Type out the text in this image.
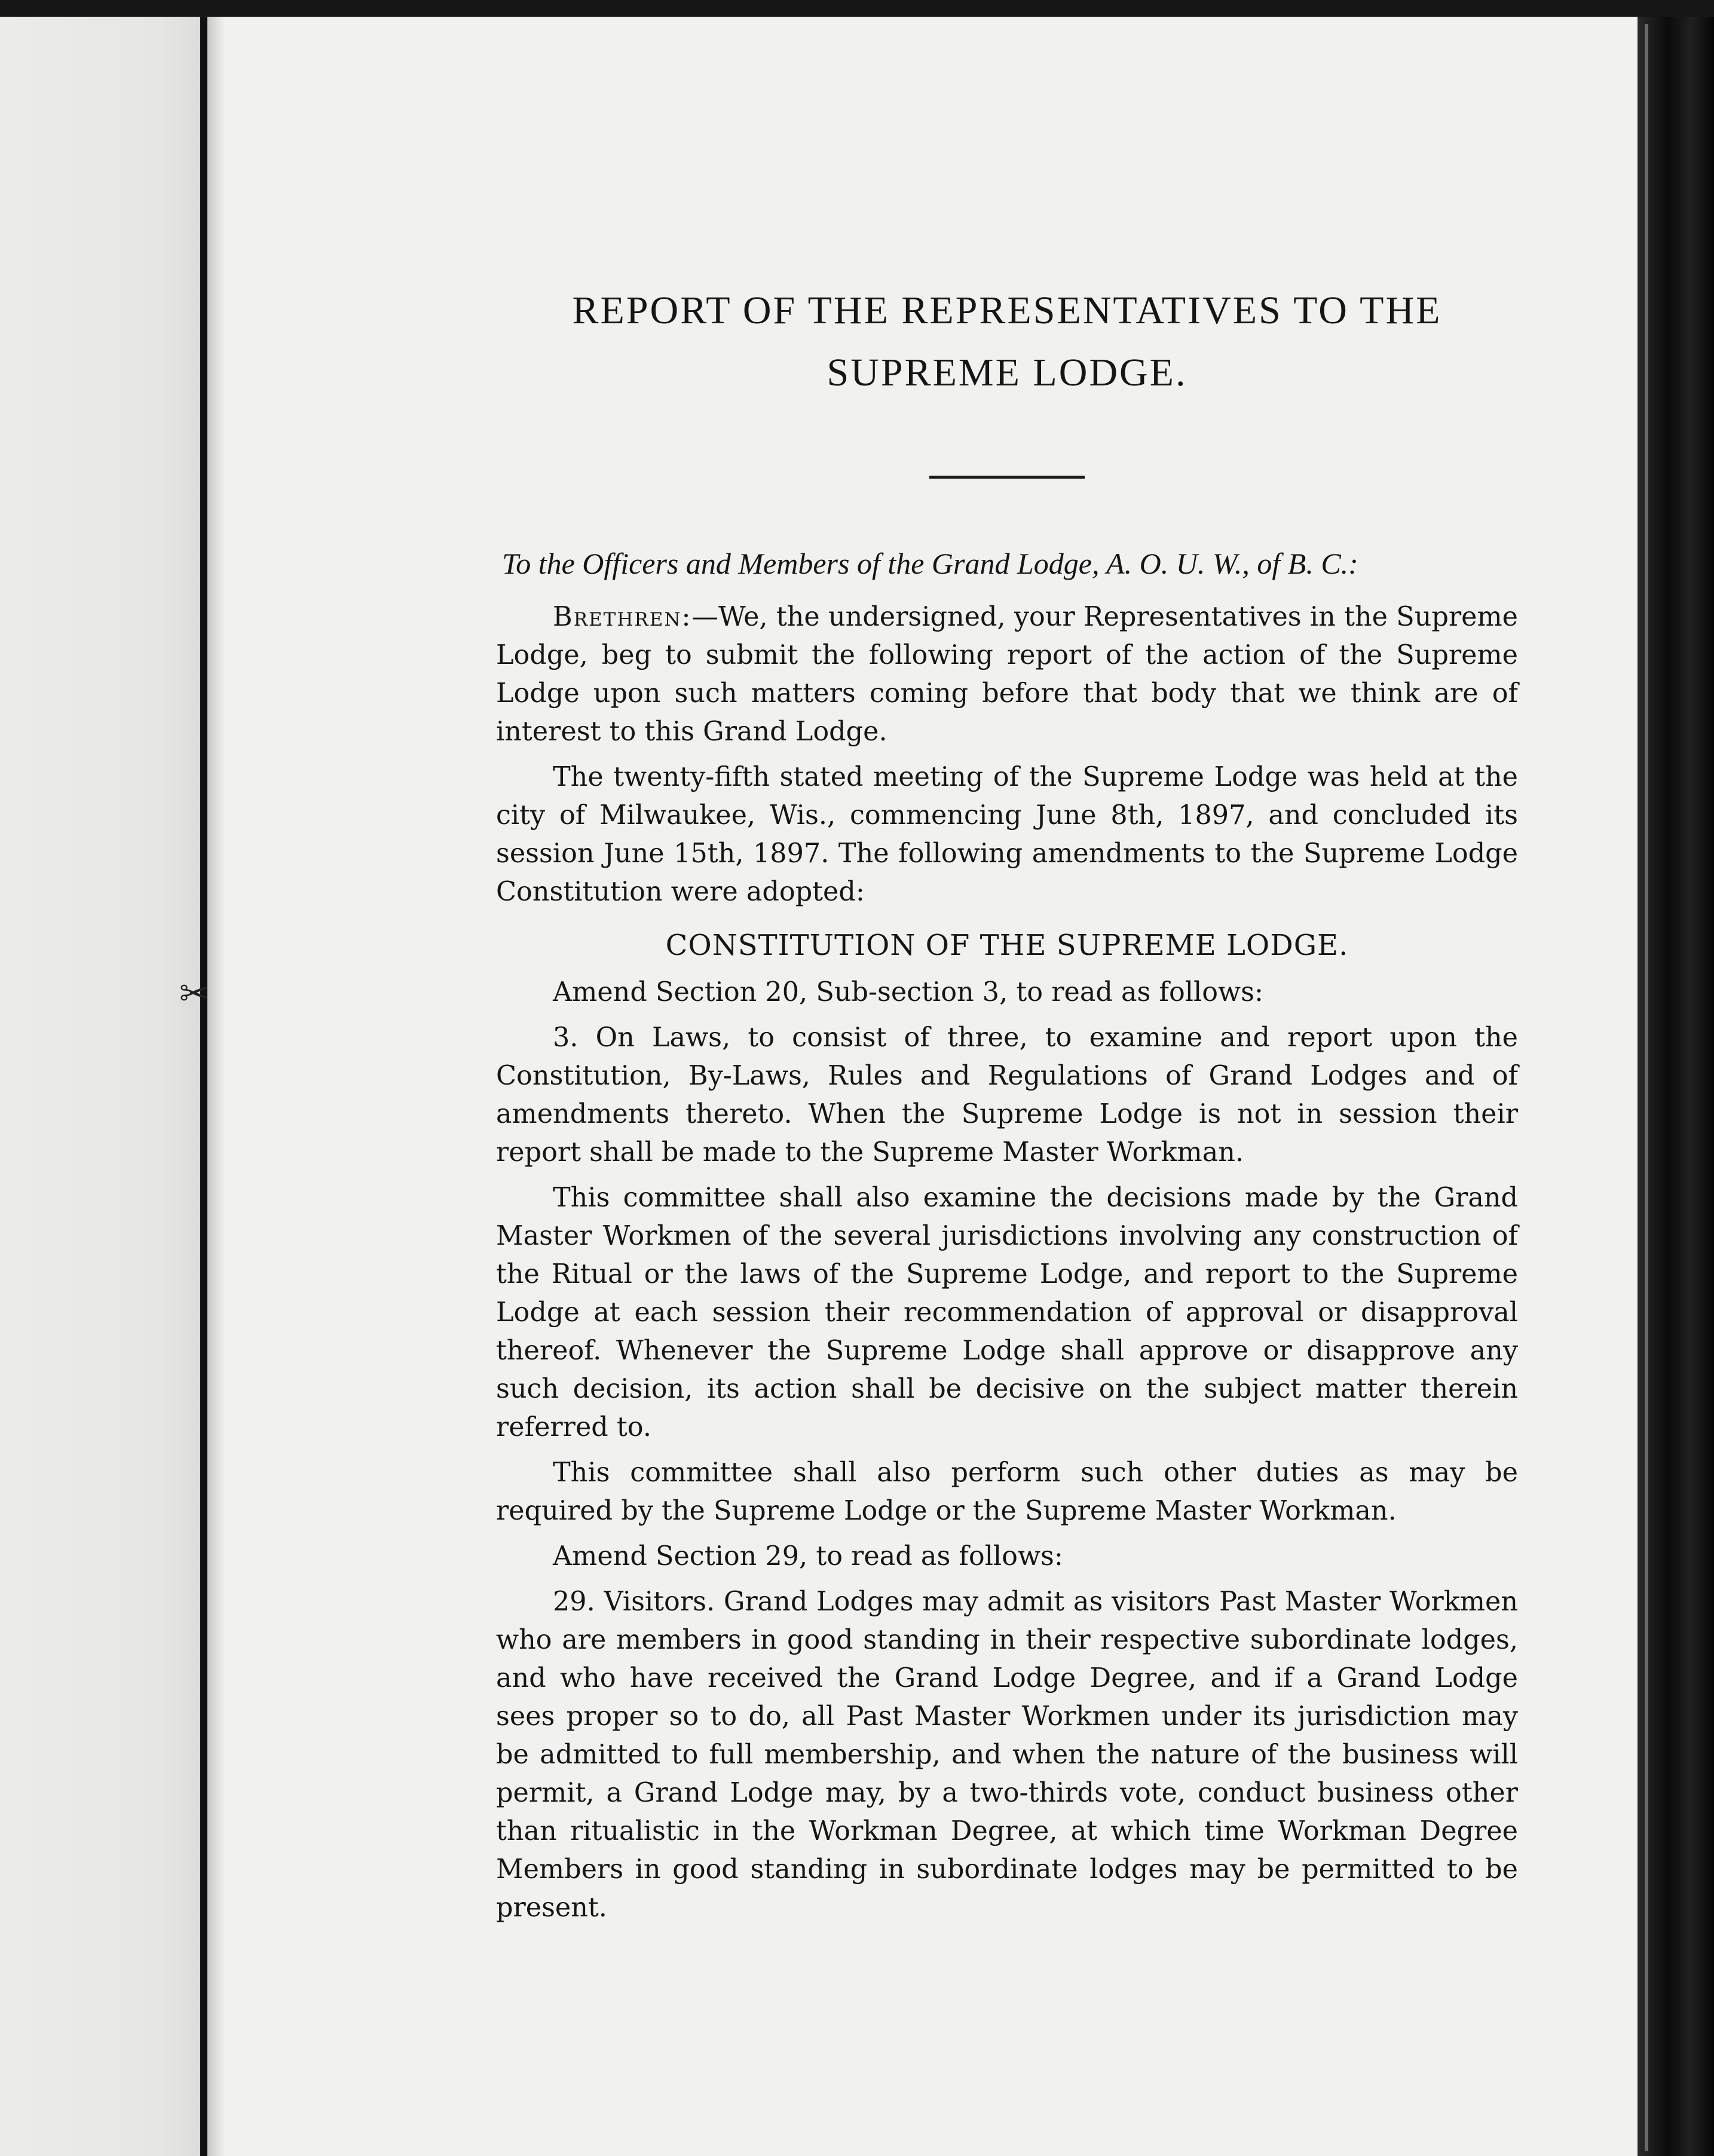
✂
REPORT OF THE REPRESENTATIVES TO THE
SUPREME LODGE.
To the Officers and Members of the Grand Lodge, A. O. U. W., of B. C.:

Brethren:—We, the undersigned, your Representatives in the Supreme Lodge, beg to submit the following report of the action of the Supreme Lodge upon such matters coming before that body that we think are of interest to this Grand Lodge.

The twenty-fifth stated meeting of the Supreme Lodge was held at the city of Milwaukee, Wis., commencing June 8th, 1897, and concluded its session June 15th, 1897. The following amendments to the Supreme Lodge Constitution were adopted:

CONSTITUTION OF THE SUPREME LODGE.

Amend Section 20, Sub-section 3, to read as follows:

3. On Laws, to consist of three, to examine and report upon the Constitution, By-Laws, Rules and Regulations of Grand Lodges and of amendments thereto. When the Supreme Lodge is not in session their report shall be made to the Supreme Master Workman.

This committee shall also examine the decisions made by the Grand Master Workmen of the several jurisdictions involving any construction of the Ritual or the laws of the Supreme Lodge, and report to the Supreme Lodge at each session their recommendation of approval or disapproval thereof. Whenever the Supreme Lodge shall approve or disapprove any such decision, its action shall be decisive on the subject matter therein referred to.

This committee shall also perform such other duties as may be required by the Supreme Lodge or the Supreme Master Workman.

Amend Section 29, to read as follows:

29. Visitors. Grand Lodges may admit as visitors Past Master Workmen who are members in good standing in their respective subordinate lodges, and who have received the Grand Lodge Degree, and if a Grand Lodge sees proper so to do, all Past Master Workmen under its jurisdiction may be admitted to full membership, and when the nature of the business will permit, a Grand Lodge may, by a two-thirds vote, conduct business other than ritualistic in the Workman Degree, at which time Workman Degree Members in good standing in subordinate lodges may be permitted to be present.
